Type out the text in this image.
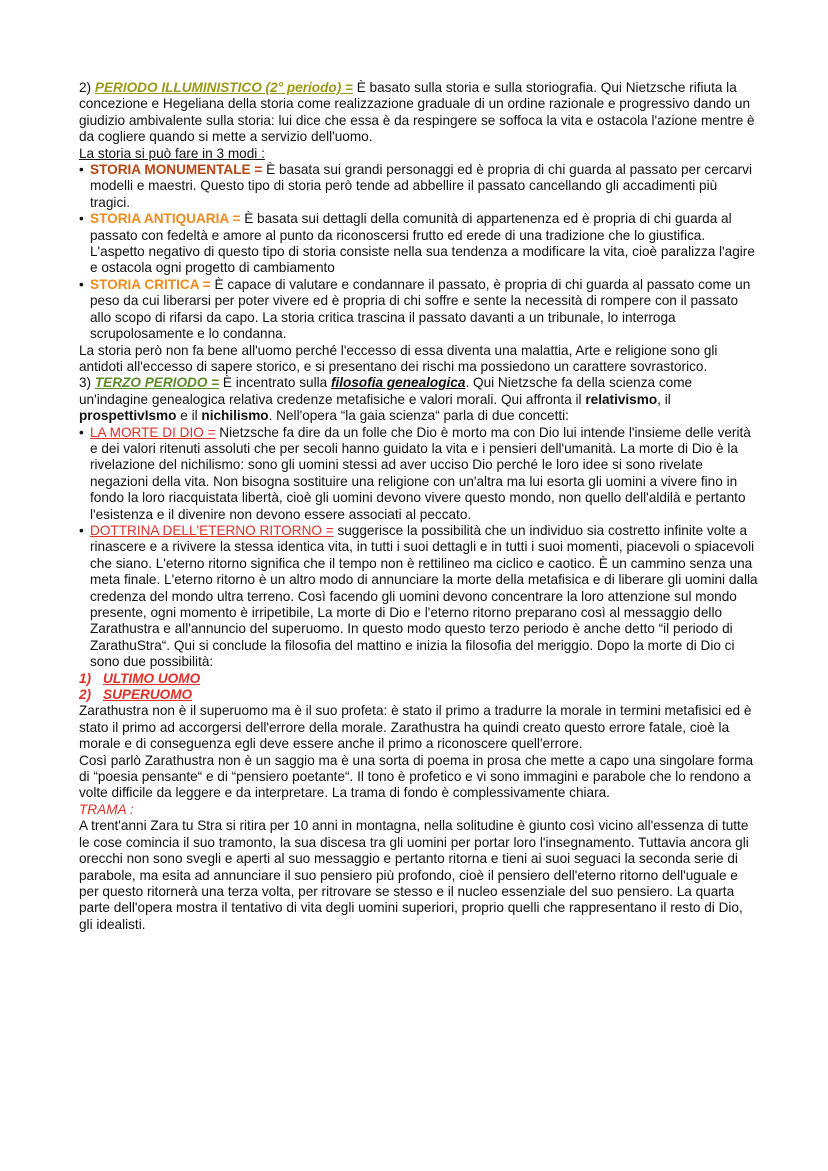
2) PERIODO ILLUMINISTICO (2° periodo) = È basato sulla storia e sulla storiografia. Qui Nietzsche rifiuta la concezione e Hegeliana della storia come realizzazione graduale di un ordine razionale e progressivo dando un giudizio ambivalente sulla storia: lui dice che essa è da respingere se soffoca la vita e ostacola l'azione mentre è da cogliere quando si mette a servizio dell'uomo.

La storia si può fare in 3 modi :

• STORIA MONUMENTALE = È basata sui grandi personaggi ed è propria di chi guarda al passato per cercarvi modelli e maestri. Questo tipo di storia però tende ad abbellire il passato cancellando gli accadimenti più tragici.
• STORIA ANTIQUARIA = È basata sui dettagli della comunità di appartenenza ed è propria di chi guarda al passato con fedeltà e amore al punto da riconoscersi frutto ed erede di una tradizione che lo giustifica. L'aspetto negativo di questo tipo di storia consiste nella sua tendenza a modificare la vita, cioè paralizza l'agire e ostacola ogni progetto di cambiamento
• STORIA CRITICA = È capace di valutare e condannare il passato, è propria di chi guarda al passato come un peso da cui liberarsi per poter vivere ed è propria di chi soffre e sente la necessità di rompere con il passato allo scopo di rifarsi da capo. La storia critica trascina il passato davanti a un tribunale, lo interroga scrupolosamente e lo condanna.

La storia però non fa bene all'uomo perché l'eccesso di essa diventa una malattia, Arte e religione sono gli antidoti all'eccesso di sapere storico, e si presentano dei rischi ma possiedono un carattere sovrastorico.

3) TERZO PERIODO = È incentrato sulla filosofia genealogica. Qui Nietzsche fa della scienza come un'indagine genealogica relativa credenze metafisiche e valori morali. Qui affronta il relativismo, il prospettivIsmo e il nichilismo. Nell'opera “la gaia scienza“ parla di due concetti:

• LA MORTE DI DIO = Nietzsche fa dire da un folle che Dio è morto ma con Dio lui intende l'insieme delle verità e dei valori ritenuti assoluti che per secoli hanno guidato la vita e i pensieri dell'umanità. La morte di Dio è la rivelazione del nichilismo: sono gli uomini stessi ad aver ucciso Dio perché le loro idee si sono rivelate negazioni della vita. Non bisogna sostituire una religione con un'altra ma lui esorta gli uomini a vivere fino in fondo la loro riacquistata libertà, cioè gli uomini devono vivere questo mondo, non quello dell'aldilà e pertanto l'esistenza e il divenire non devono essere associati al peccato.
• DOTTRINA DELL'ETERNO RITORNO = suggerisce la possibilità che un individuo sia costretto infinite volte a rinascere e a rivivere la stessa identica vita, in tutti i suoi dettagli e in tutti i suoi momenti, piacevoli o spiacevoli che siano. L'eterno ritorno significa che il tempo non è rettilineo ma ciclico e caotico. È un cammino senza una meta finale. L'eterno ritorno è un altro modo di annunciare la morte della metafisica e di liberare gli uomini dalla credenza del mondo ultra terreno. Così facendo gli uomini devono concentrare la loro attenzione sul mondo presente, ogni momento è irripetibile, La morte di Dio e l'eterno ritorno preparano così al messaggio dello Zarathustra e all'annuncio del superuomo. In questo modo questo terzo periodo è anche detto “il periodo di ZarathuStra“. Qui si conclude la filosofia del mattino e inizia la filosofia del meriggio. Dopo la morte di Dio ci sono due possibilità:
1) ULTIMO UOMO
2) SUPERUOMO

Zarathustra non è il superuomo ma è il suo profeta: è stato il primo a tradurre la morale in termini metafisici ed è stato il primo ad accorgersi dell'errore della morale. Zarathustra ha quindi creato questo errore fatale, cioè la morale e di conseguenza egli deve essere anche il primo a riconoscere quell'errore.

Così parlò Zarathustra non è un saggio ma è una sorta di poema in prosa che mette a capo una singolare forma di “poesia pensante“ e di “pensiero poetante“. Il tono è profetico e vi sono immagini e parabole che lo rendono a volte difficile da leggere e da interpretare. La trama di fondo è complessivamente chiara.

TRAMA :

A trent'anni Zara tu Stra si ritira per 10 anni in montagna, nella solitudine è giunto così vicino all'essenza di tutte le cose comincia il suo tramonto, la sua discesa tra gli uomini per portar loro l'insegnamento. Tuttavia ancora gli orecchi non sono svegli e aperti al suo messaggio e pertanto ritorna e tieni ai suoi seguaci la seconda serie di parabole, ma esita ad annunciare il suo pensiero più profondo, cioè il pensiero dell'eterno ritorno dell'uguale e per questo ritornerà una terza volta, per ritrovare se stesso e il nucleo essenziale del suo pensiero. La quarta parte dell'opera mostra il tentativo di vita degli uomini superiori, proprio quelli che rappresentano il resto di Dio, gli idealisti.
